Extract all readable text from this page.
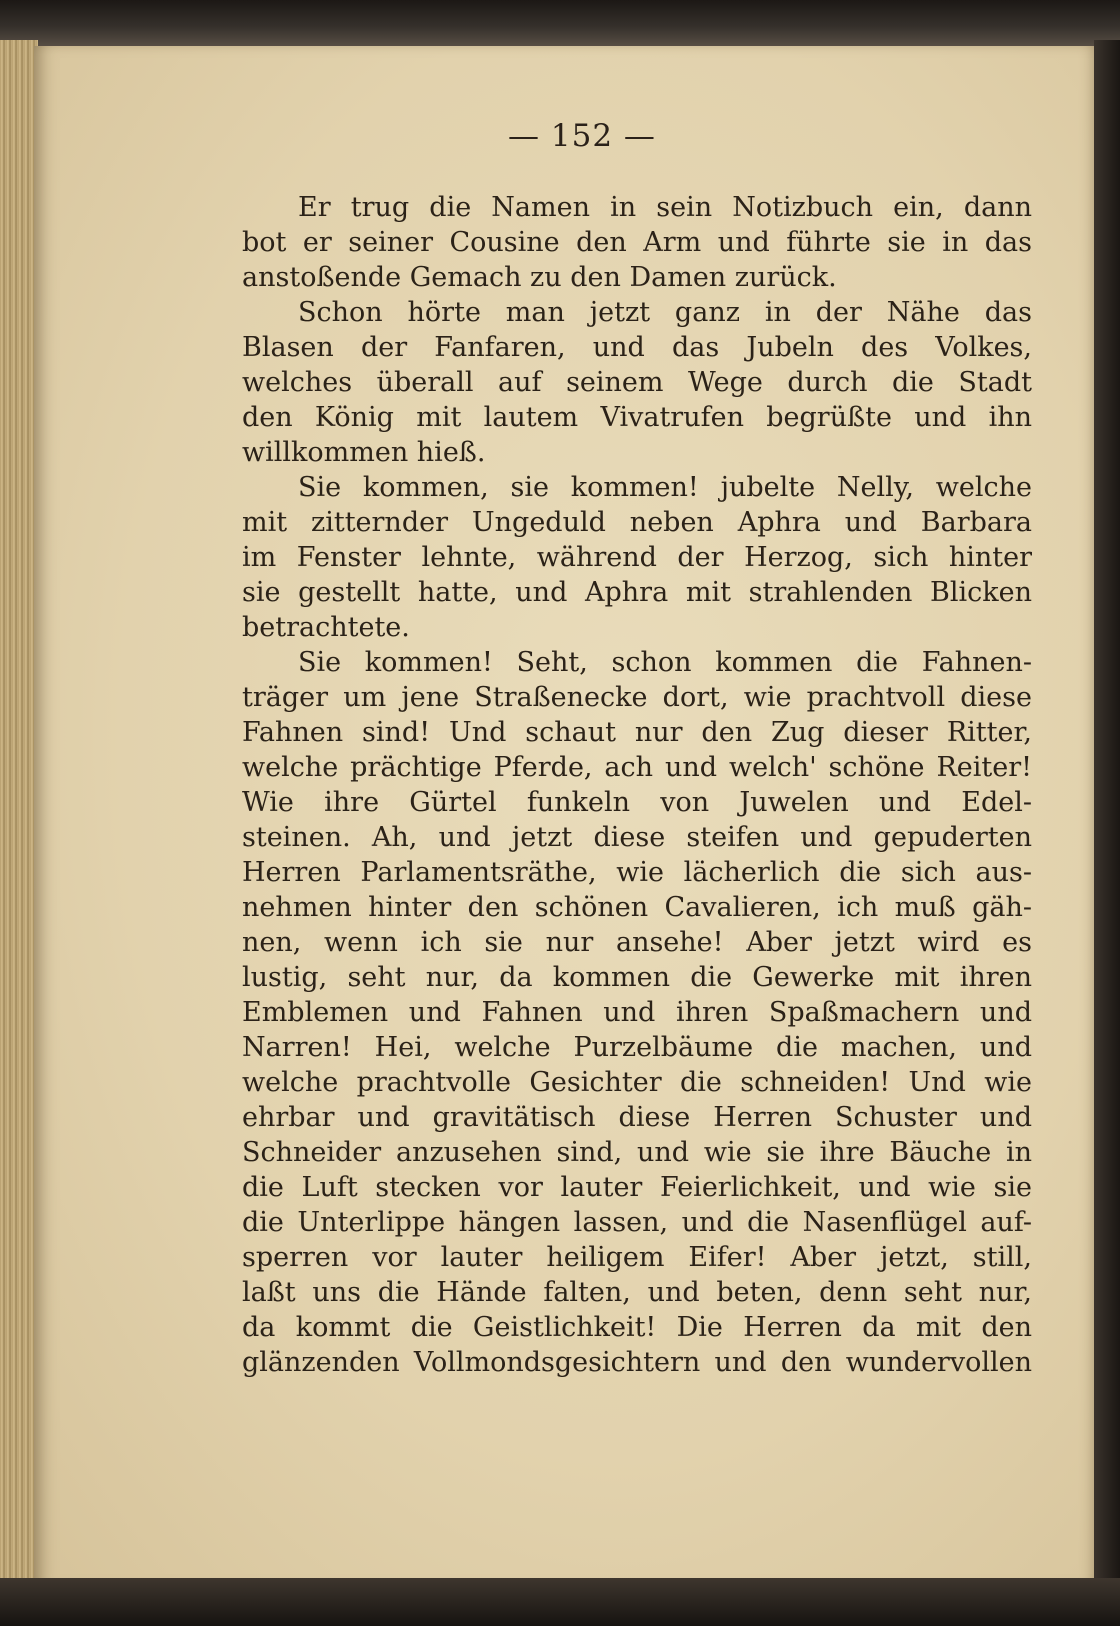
— 152 —
Er trug die Namen in sein Notizbuch ein, dann
bot er seiner Cousine den Arm und führte sie in das
anstoßende Gemach zu den Damen zurück.
Schon hörte man jetzt ganz in der Nähe das
Blasen der Fanfaren, und das Jubeln des Volkes,
welches überall auf seinem Wege durch die Stadt
den König mit lautem Vivatrufen begrüßte und ihn
willkommen hieß.
Sie kommen, sie kommen! jubelte Nelly, welche
mit zitternder Ungeduld neben Aphra und Barbara
im Fenster lehnte, während der Herzog, sich hinter
sie gestellt hatte, und Aphra mit strahlenden Blicken
betrachtete.
Sie kommen! Seht, schon kommen die Fahnen-
träger um jene Straßenecke dort, wie prachtvoll diese
Fahnen sind! Und schaut nur den Zug dieser Ritter,
welche prächtige Pferde, ach und welch' schöne Reiter!
Wie ihre Gürtel funkeln von Juwelen und Edel-
steinen. Ah, und jetzt diese steifen und gepuderten
Herren Parlamentsräthe, wie lächerlich die sich aus-
nehmen hinter den schönen Cavalieren, ich muß gäh-
nen, wenn ich sie nur ansehe! Aber jetzt wird es
lustig, seht nur, da kommen die Gewerke mit ihren
Emblemen und Fahnen und ihren Spaßmachern und
Narren! Hei, welche Purzelbäume die machen, und
welche prachtvolle Gesichter die schneiden! Und wie
ehrbar und gravitätisch diese Herren Schuster und
Schneider anzusehen sind, und wie sie ihre Bäuche in
die Luft stecken vor lauter Feierlichkeit, und wie sie
die Unterlippe hängen lassen, und die Nasenflügel auf-
sperren vor lauter heiligem Eifer! Aber jetzt, still,
laßt uns die Hände falten, und beten, denn seht nur,
da kommt die Geistlichkeit! Die Herren da mit den
glänzenden Vollmondsgesichtern und den wundervollen
